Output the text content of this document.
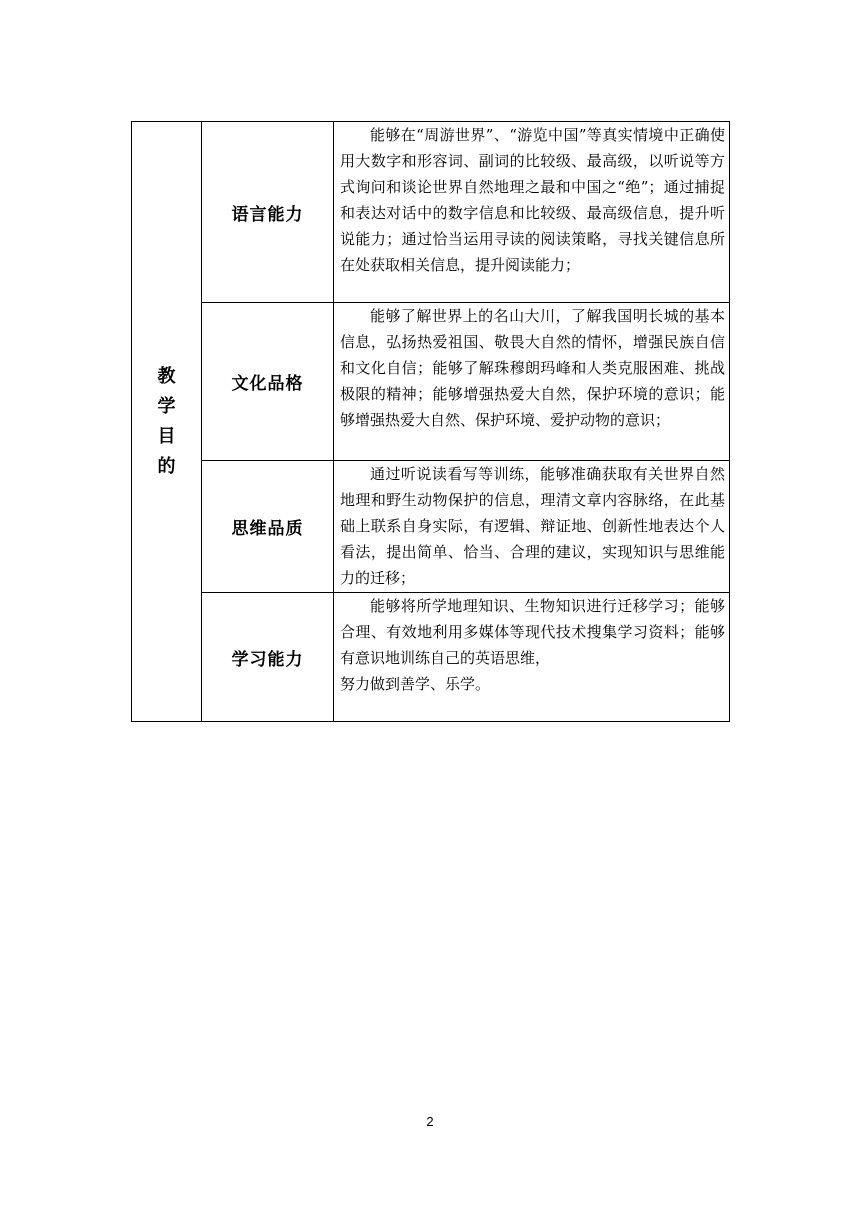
教
学
目
的	语言能力	能够在“周游世界”、“游览中国”等真实情境中正确使用大数字和形容词、副词的比较级、最高级，以听说等方式询问和谈论世界自然地理之最和中国之“绝”；通过捕捉和表达对话中的数字信息和比较级、最高级信息，提升听说能力；通过恰当运用寻读的阅读策略，寻找关键信息所在处获取相关信息，提升阅读能力；

	文化品格	能够了解世界上的名山大川，了解我国明长城的基本信息，弘扬热爱祖国、敬畏大自然的情怀，增强民族自信和文化自信；能够了解珠穆朗玛峰和人类克服困难、挑战极限的精神；能够增强热爱大自然，保护环境的意识；能够增强热爱大自然、保护环境、爱护动物的意识；

	思维品质	通过听说读看写等训练，能够准确获取有关世界自然地理和野生动物保护的信息，理清文章内容脉络，在此基础上联系自身实际，有逻辑、辩证地、创新性地表达个人看法，提出简单、恰当、合理的建议，实现知识与思维能力的迁移；

	学习能力	能够将所学地理知识、生物知识进行迁移学习；能够合理、有效地利用多媒体等现代技术搜集学习资料；能够有意识地训练自己的英语思维，
努力做到善学、乐学。
2
